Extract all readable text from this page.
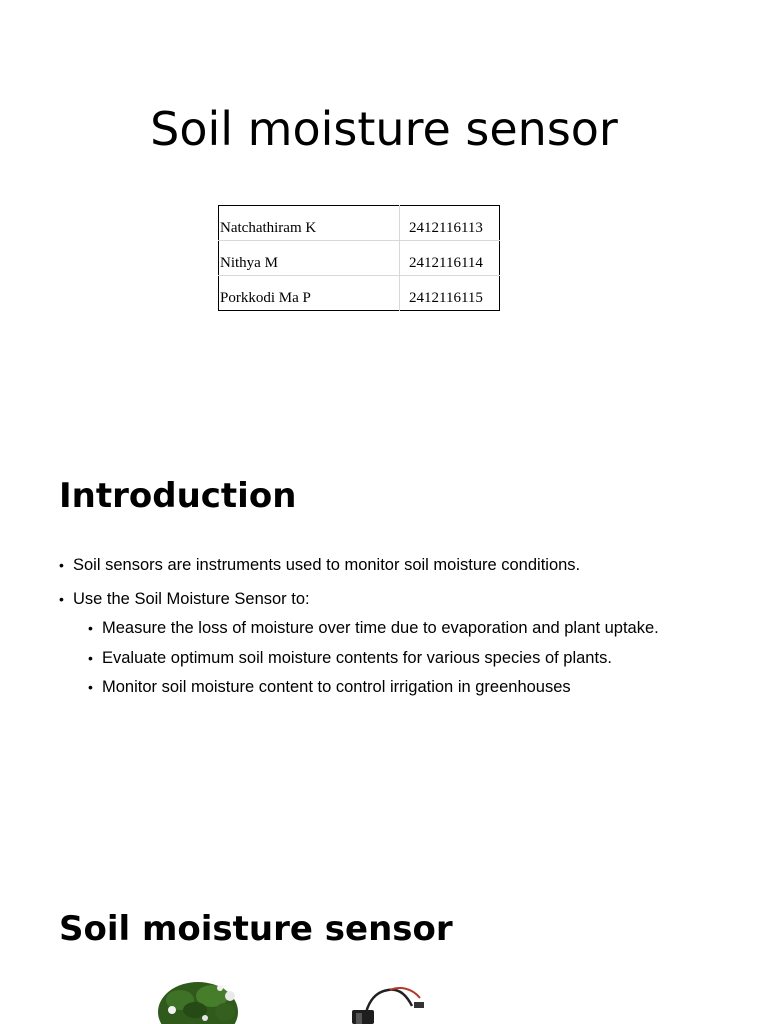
Soil moisture sensor
Natchathiram K	2412116113
Nithya M	2412116114
Porkkodi Ma P	2412116115
Introduction
• Soil sensors are instruments used to monitor soil moisture conditions.
• Use the Soil Moisture Sensor to:
• Measure the loss of moisture over time due to evaporation and plant uptake.
• Evaluate optimum soil moisture contents for various species of plants.
• Monitor soil moisture content to control irrigation in greenhouses
Soil moisture sensor
